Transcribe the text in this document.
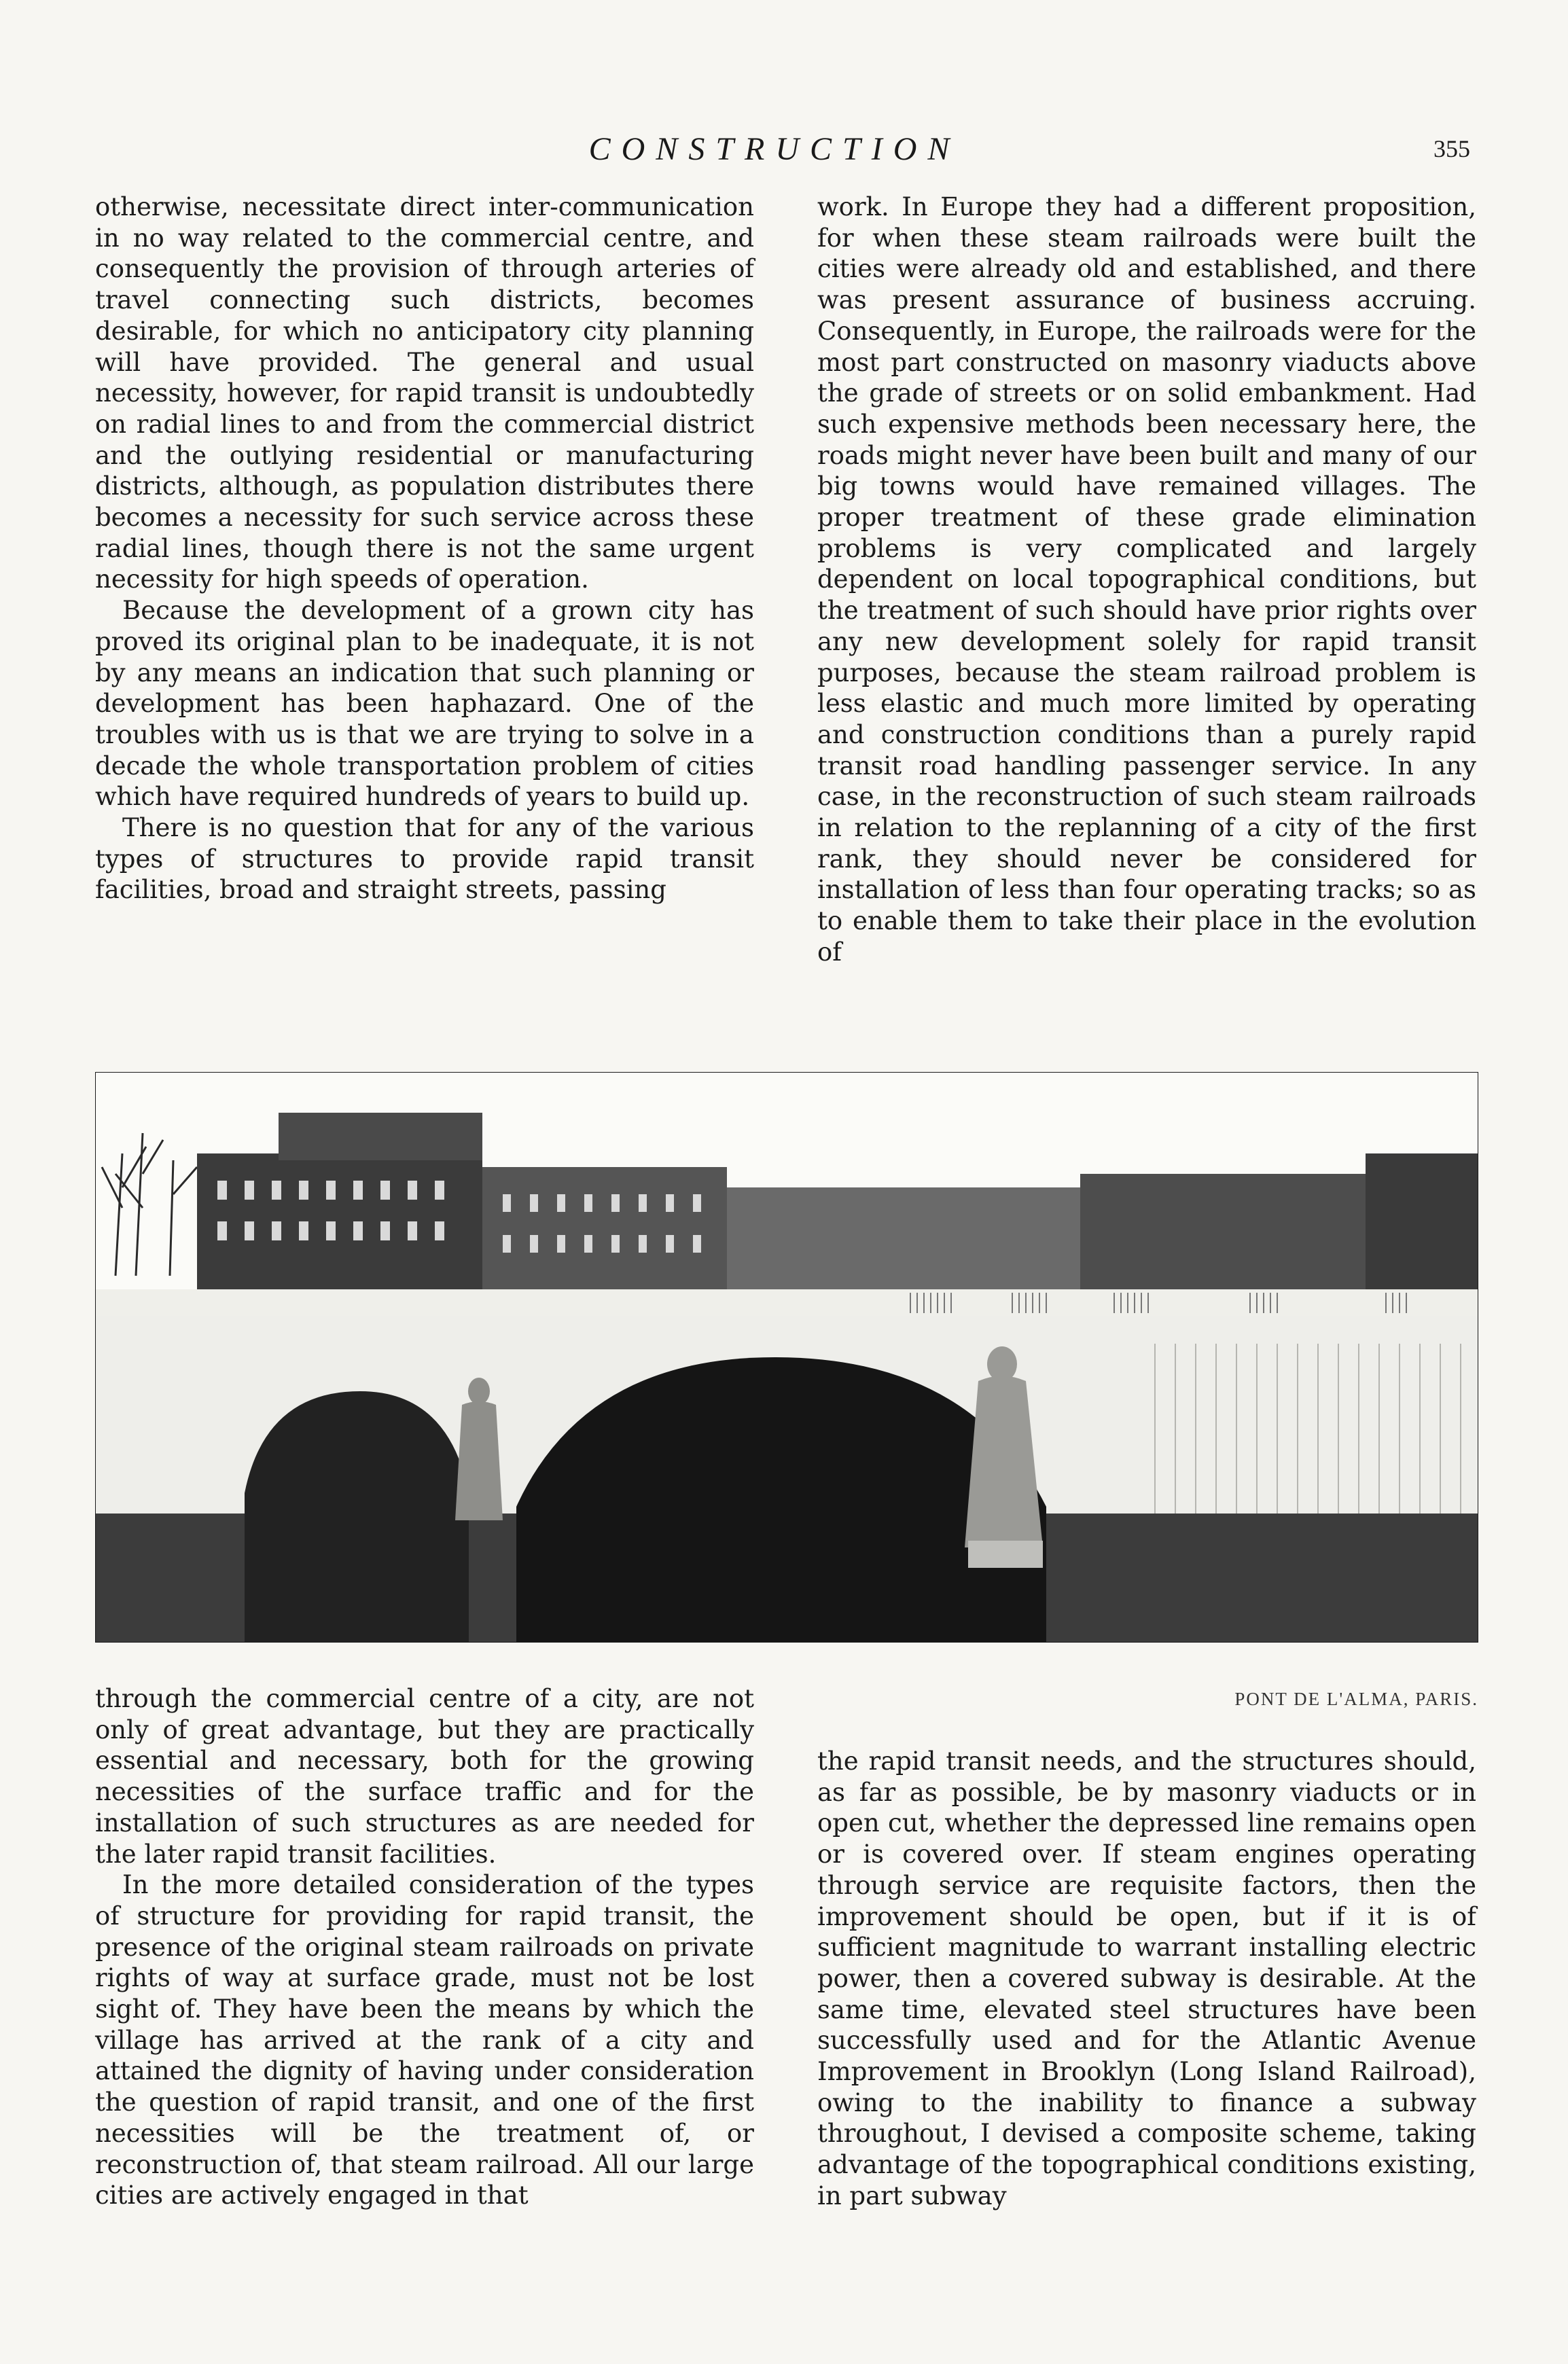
CONSTRUCTION	355

otherwise, necessitate direct inter-communication in no way related to the commercial centre, and consequently the provision of through arteries of travel connecting such districts, becomes desirable, for which no anticipatory city planning will have provided. The general and usual necessity, however, for rapid transit is undoubtedly on radial lines to and from the commercial district and the outlying residential or manufacturing districts, although, as population distributes there becomes a necessity for such service across these radial lines, though there is not the same urgent necessity for high speeds of operation.

Because the development of a grown city has proved its original plan to be inadequate, it is not by any means an indication that such planning or development has been haphazard. One of the troubles with us is that we are trying to solve in a decade the whole transportation problem of cities which have required hundreds of years to build up.

There is no question that for any of the various types of structures to provide rapid transit facilities, broad and straight streets, passing

work. In Europe they had a different proposition, for when these steam railroads were built the cities were already old and established, and there was present assurance of business accruing. Consequently, in Europe, the railroads were for the most part constructed on masonry viaducts above the grade of streets or on solid embankment. Had such expensive methods been necessary here, the roads might never have been built and many of our big towns would have remained villages. The proper treatment of these grade elimination problems is very complicated and largely dependent on local topographical conditions, but the treatment of such should have prior rights over any new development solely for rapid transit purposes, because the steam railroad problem is less elastic and much more limited by operating and construction conditions than a purely rapid transit road handling passenger service. In any case, in the reconstruction of such steam railroads in relation to the replanning of a city of the first rank, they should never be considered for installation of less than four operating tracks; so as to enable them to take their place in the evolution of

PONT DE L'ALMA, PARIS.

through the commercial centre of a city, are not only of great advantage, but they are practically essential and necessary, both for the growing necessities of the surface traffic and for the installation of such structures as are needed for the later rapid transit facilities.

In the more detailed consideration of the types of structure for providing for rapid transit, the presence of the original steam railroads on private rights of way at surface grade, must not be lost sight of. They have been the means by which the village has arrived at the rank of a city and attained the dignity of having under consideration the question of rapid transit, and one of the first necessities will be the treatment of, or reconstruction of, that steam railroad. All our large cities are actively engaged in that

the rapid transit needs, and the structures should, as far as possible, be by masonry viaducts or in open cut, whether the depressed line remains open or is covered over. If steam engines operating through service are requisite factors, then the improvement should be open, but if it is of sufficient magnitude to warrant installing electric power, then a covered subway is desirable. At the same time, elevated steel structures have been successfully used and for the Atlantic Avenue Improvement in Brooklyn (Long Island Railroad), owing to the inability to finance a subway throughout, I devised a composite scheme, taking advantage of the topographical conditions existing, in part subway
